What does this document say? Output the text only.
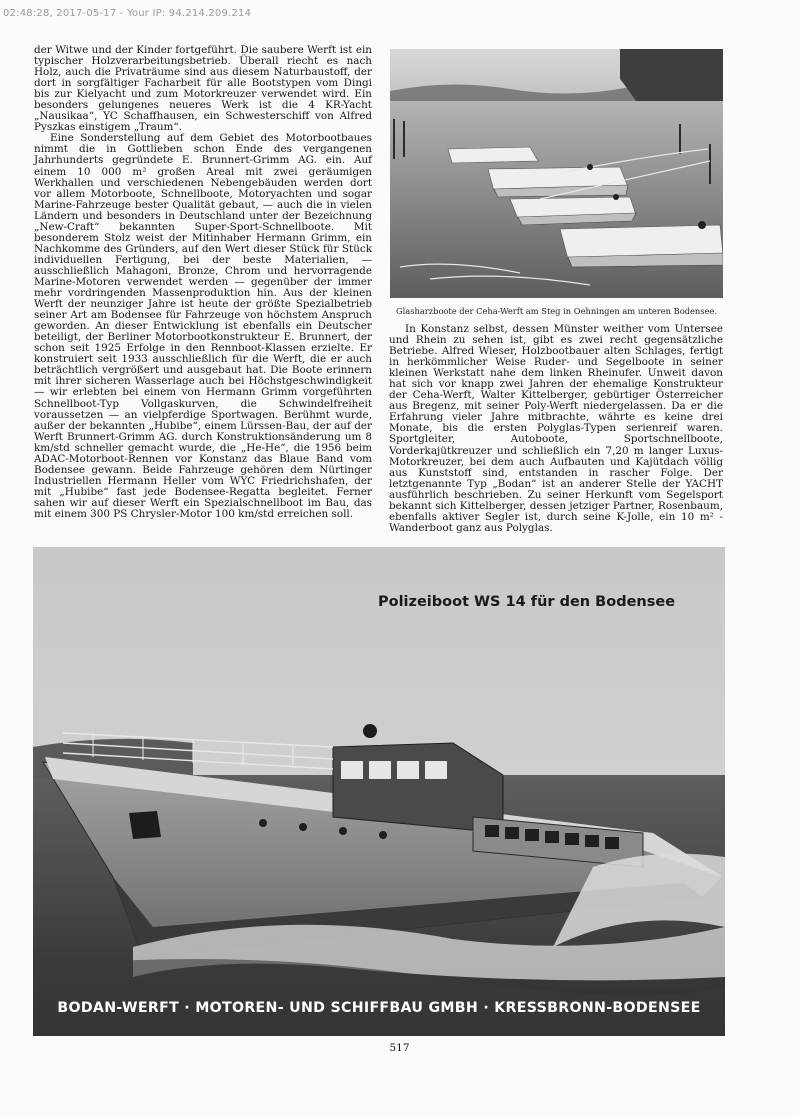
02:48:28, 2017-05-17 - Your IP: 94.214.209.214

der Witwe und der Kinder fortgeführt. Die saubere Werft ist ein typischer Holzverarbeitungsbetrieb. Überall riecht es nach Holz, auch die Privaträume sind aus diesem Naturbaustoff, der dort in sorgfältiger Facharbeit für alle Bootstypen vom Dingi bis zur Kielyacht und zum Motorkreuzer verwendet wird. Ein besonders gelungenes neueres Werk ist die 4 KR-Yacht „Nausikaa“, YC Schaffhausen, ein Schwesterschiff von Alfred Pyszkas einstigem „Traum“.

Eine Sonderstellung auf dem Gebiet des Motorbootbaues nimmt die in Gottlieben schon Ende des vergangenen Jahrhunderts gegründete E. Brunnert-Grimm AG. ein. Auf einem 10 000 m² großen Areal mit zwei geräumigen Werkhallen und verschiedenen Nebengebäuden werden dort vor allem Motorboote, Schnellboote, Motoryachten und sogar Marine-Fahrzeuge bester Qualität gebaut, — auch die in vielen Ländern und besonders in Deutschland unter der Bezeichnung „New-Craft“ bekannten Super-Sport-Schnellboote. Mit besonderem Stolz weist der Mitinhaber Hermann Grimm, ein Nachkomme des Gründers, auf den Wert dieser Stück für Stück individuellen Fertigung, bei der beste Materialien, — ausschließlich Mahagoni, Bronze, Chrom und hervorragende Marine-Motoren verwendet werden — gegenüber der immer mehr vordringenden Massenproduktion hin. Aus der kleinen Werft der neunziger Jahre ist heute der größte Spezialbetrieb seiner Art am Bodensee für Fahrzeuge von höchstem Anspruch geworden. An dieser Entwicklung ist ebenfalls ein Deutscher beteiligt, der Berliner Motorbootkonstrukteur E. Brunnert, der schon seit 1925 Erfolge in den Rennboot-Klassen erzielte. Er konstruiert seit 1933 ausschließlich für die Werft, die er auch beträchtlich vergrößert und ausgebaut hat. Die Boote erinnern mit ihrer sicheren Wasserlage auch bei Höchstgeschwindigkeit — wir erlebten bei einem von Hermann Grimm vorgeführten Schnellboot-Typ Vollgaskurven, die Schwindelfreiheit voraussetzen — an vielpferdige Sportwagen. Berühmt wurde, außer der bekannten „Hubibe“, einem Lürssen-Bau, der auf der Werft Brunnert-Grimm AG. durch Konstruktionsänderung um 8 km/std schneller gemacht wurde, die „He-He“, die 1956 beim ADAC-Motorboot-Rennen vor Konstanz das Blaue Band vom Bodensee gewann. Beide Fahrzeuge gehören dem Nürtinger Industriellen Hermann Heller vom WYC Friedrichshafen, der mit „Hubibe“ fast jede Bodensee-Regatta begleitet. Ferner sahen wir auf dieser Werft ein Spezialschnellboot im Bau, das mit einem 300 PS Chrysler-Motor 100 km/std erreichen soll.

Glasharzboote der Ceha-Werft am Steg in Oehningen am unteren Bodensee.

In Konstanz selbst, dessen Münster weither vom Untersee und Rhein zu sehen ist, gibt es zwei recht gegensätzliche Betriebe. Alfred Wieser, Holzbootbauer alten Schlages, fertigt in herkömmlicher Weise Ruder- und Segelboote in seiner kleinen Werkstatt nahe dem linken Rheinufer. Unweit davon hat sich vor knapp zwei Jahren der ehemalige Konstrukteur der Ceha-Werft, Walter Kittelberger, gebürtiger Österreicher aus Bregenz, mit seiner Poly-Werft niedergelassen. Da er die Erfahrung vieler Jahre mitbrachte, währte es keine drei Monate, bis die ersten Polyglas-Typen serienreif waren. Sportgleiter, Autoboote, Sportschnellboote, Vorderkajütkreuzer und schließlich ein 7,20 m langer Luxus-Motorkreuzer, bei dem auch Aufbauten und Kajütdach völlig aus Kunststoff sind, entstanden in rascher Folge. Der letztgenannte Typ „Bodan“ ist an anderer Stelle der YACHT ausführlich beschrieben. Zu seiner Herkunft vom Segelsport bekannt sich Kittelberger, dessen jetziger Partner, Rosenbaum, ebenfalls aktiver Segler ist, durch seine K-Jolle, ein 10 m² - Wanderboot ganz aus Polyglas.

Polizeiboot WS 14 für den Bodensee
BODAN-WERFT · MOTOREN- UND SCHIFFBAU GMBH · KRESSBRONN-BODENSEE
517
